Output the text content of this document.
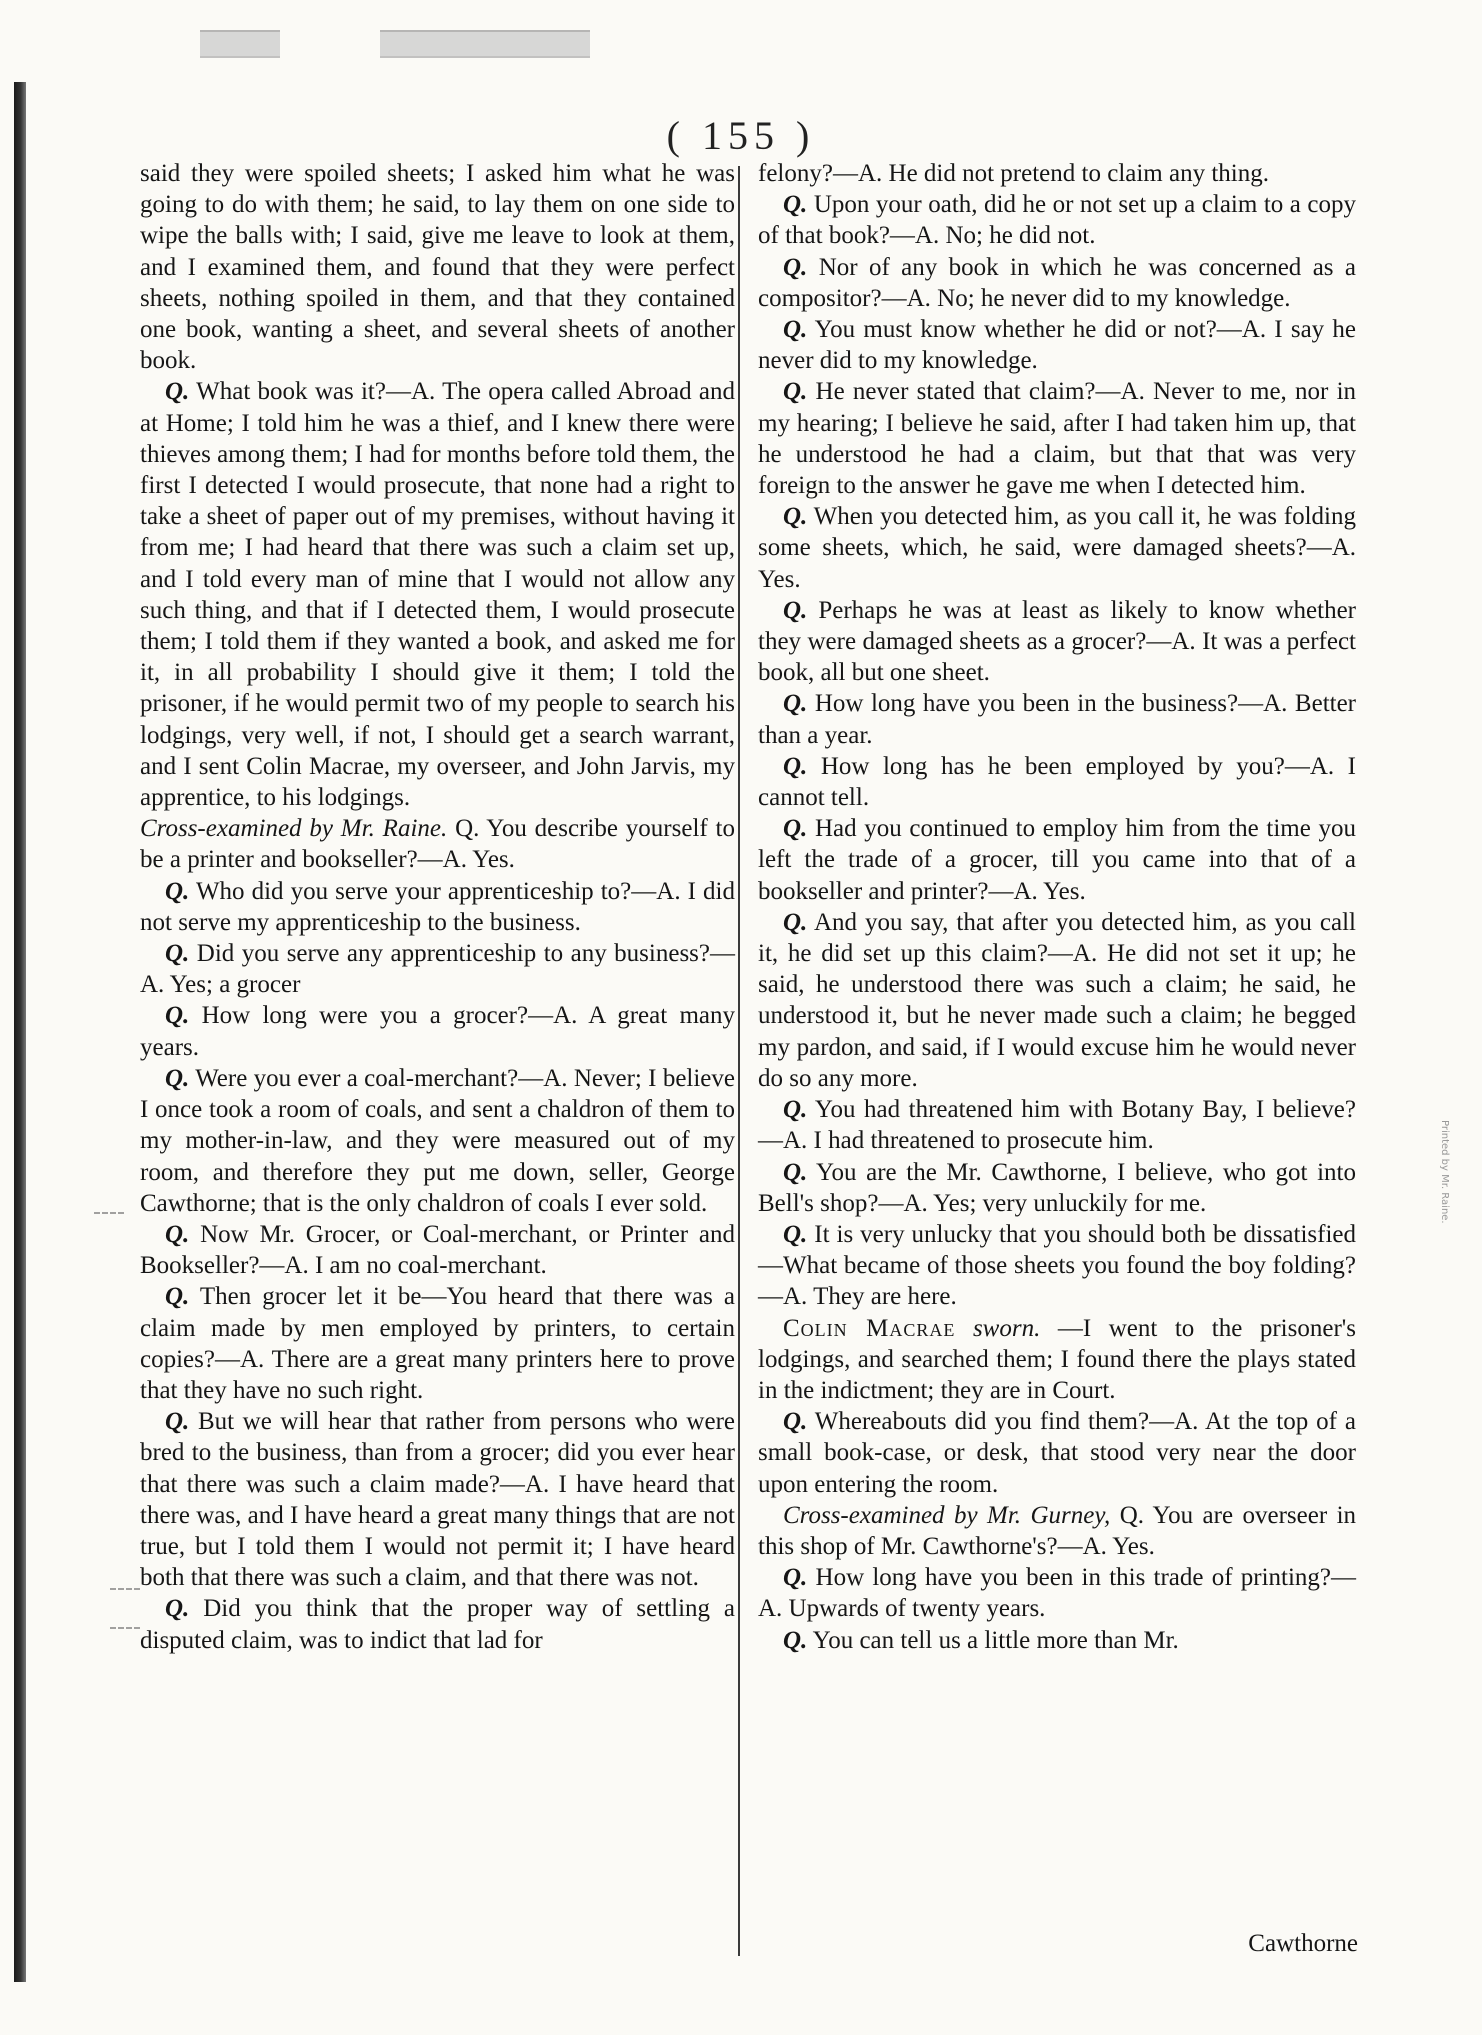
( 155 )

said they were spoiled sheets; I asked him what he was going to do with them; he said, to lay them on one side to wipe the balls with; I said, give me leave to look at them, and I examined them, and found that they were perfect sheets, nothing spoiled in them, and that they contained one book, wanting a sheet, and several sheets of another book.

Q. What book was it?—A. The opera called Abroad and at Home; I told him he was a thief, and I knew there were thieves among them; I had for months before told them, the first I detected I would prosecute, that none had a right to take a sheet of paper out of my premises, without having it from me; I had heard that there was such a claim set up, and I told every man of mine that I would not allow any such thing, and that if I detected them, I would prosecute them; I told them if they wanted a book, and asked me for it, in all probability I should give it them; I told the prisoner, if he would permit two of my people to search his lodgings, very well, if not, I should get a search warrant, and I sent Colin Macrae, my overseer, and John Jarvis, my apprentice, to his lodgings.

Cross-examined by Mr. Raine. Q. You describe yourself to be a printer and bookseller?—A. Yes.

Q. Who did you serve your apprenticeship to?—A. I did not serve my apprenticeship to the business.

Q. Did you serve any apprenticeship to any business?—A. Yes; a grocer

Q. How long were you a grocer?—A. A great many years.

Q. Were you ever a coal-merchant?—A. Never; I believe I once took a room of coals, and sent a chaldron of them to my mother-in-law, and they were measured out of my room, and therefore they put me down, seller, George Cawthorne; that is the only chaldron of coals I ever sold.

Q. Now Mr. Grocer, or Coal-merchant, or Printer and Bookseller?—A. I am no coal-merchant.

Q. Then grocer let it be—You heard that there was a claim made by men employed by printers, to certain copies?—A. There are a great many printers here to prove that they have no such right.

Q. But we will hear that rather from persons who were bred to the business, than from a grocer; did you ever hear that there was such a claim made?—A. I have heard that there was, and I have heard a great many things that are not true, but I told them I would not permit it; I have heard both that there was such a claim, and that there was not.

Q. Did you think that the proper way of settling a disputed claim, was to indict that lad for

felony?—A. He did not pretend to claim any thing.

Q. Upon your oath, did he or not set up a claim to a copy of that book?—A. No; he did not.

Q. Nor of any book in which he was concerned as a compositor?—A. No; he never did to my knowledge.

Q. You must know whether he did or not?—A. I say he never did to my knowledge.

Q. He never stated that claim?—A. Never to me, nor in my hearing; I believe he said, after I had taken him up, that he understood he had a claim, but that that was very foreign to the answer he gave me when I detected him.

Q. When you detected him, as you call it, he was folding some sheets, which, he said, were damaged sheets?—A. Yes.

Q. Perhaps he was at least as likely to know whether they were damaged sheets as a grocer?—A. It was a perfect book, all but one sheet.

Q. How long have you been in the business?—A. Better than a year.

Q. How long has he been employed by you?—A. I cannot tell.

Q. Had you continued to employ him from the time you left the trade of a grocer, till you came into that of a bookseller and printer?—A. Yes.

Q. And you say, that after you detected him, as you call it, he did set up this claim?—A. He did not set it up; he said, he understood there was such a claim; he said, he understood it, but he never made such a claim; he begged my pardon, and said, if I would excuse him he would never do so any more.

Q. You had threatened him with Botany Bay, I believe?—A. I had threatened to prosecute him.

Q. You are the Mr. Cawthorne, I believe, who got into Bell's shop?—A. Yes; very unluckily for me.

Q. It is very unlucky that you should both be dissatisfied—What became of those sheets you found the boy folding?—A. They are here.

Colin Macrae sworn. —I went to the prisoner's lodgings, and searched them; I found there the plays stated in the indictment; they are in Court.

Q. Whereabouts did you find them?—A. At the top of a small book-case, or desk, that stood very near the door upon entering the room.

Cross-examined by Mr. Gurney, Q. You are overseer in this shop of Mr. Cawthorne's?—A. Yes.

Q. How long have you been in this trade of printing?—A. Upwards of twenty years.

Q. You can tell us a little more than Mr.

Cawthorne
Printed by Mr. Raine.
